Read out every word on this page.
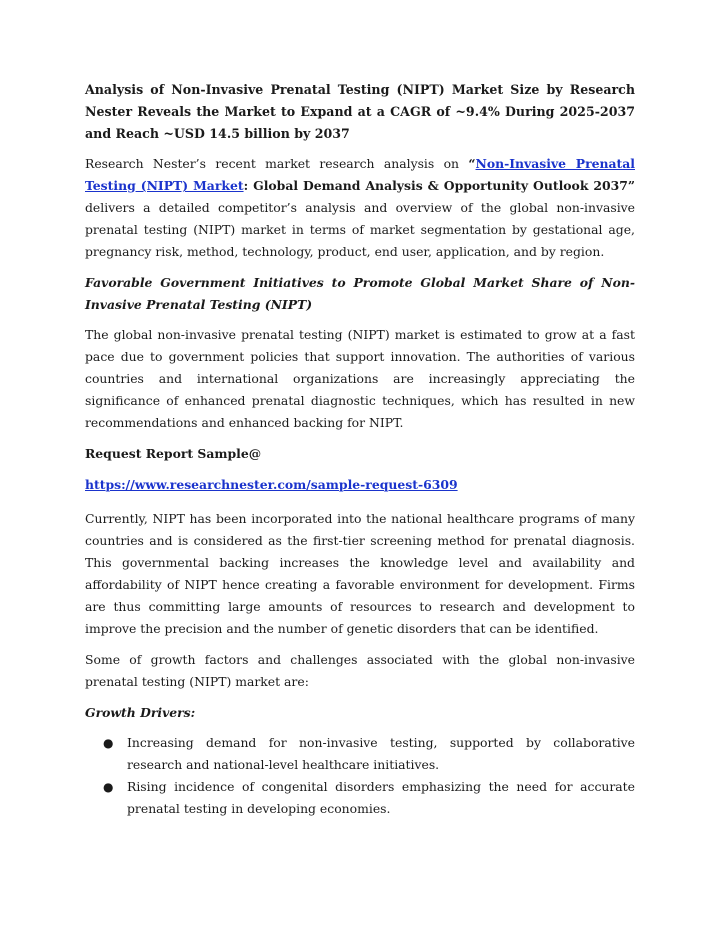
Analysis of Non-Invasive Prenatal Testing (NIPT) Market Size by Research Nester Reveals the Market to Expand at a CAGR of ~9.4% During 2025-2037 and Reach ~USD 14.5 billion by 2037

Research Nester’s recent market research analysis on “Non-Invasive Prenatal Testing (NIPT) Market: Global Demand Analysis & Opportunity Outlook 2037” delivers a detailed competitor’s analysis and overview of the global non-invasive prenatal testing (NIPT) market in terms of market segmentation by gestational age, pregnancy risk, method, technology, product, end user, application, and by region.

Favorable Government Initiatives to Promote Global Market Share of Non-Invasive Prenatal Testing (NIPT)

The global non-invasive prenatal testing (NIPT) market is estimated to grow at a fast pace due to government policies that support innovation. The authorities of various countries and international organizations are increasingly appreciating the significance of enhanced prenatal diagnostic techniques, which has resulted in new recommendations and enhanced backing for NIPT.

Request Report Sample@

https://www.researchnester.com/sample-request-6309

Currently, NIPT has been incorporated into the national healthcare programs of many countries and is considered as the first-tier screening method for prenatal diagnosis. This governmental backing increases the knowledge level and availability and affordability of NIPT hence creating a favorable environment for development. Firms are thus committing large amounts of resources to research and development to improve the precision and the number of genetic disorders that can be identified.

Some of growth factors and challenges associated with the global non-invasive prenatal testing (NIPT) market are:

Growth Drivers:

● Increasing demand for non-invasive testing, supported by collaborative research and national-level healthcare initiatives.
● Rising incidence of congenital disorders emphasizing the need for accurate prenatal testing in developing economies.
